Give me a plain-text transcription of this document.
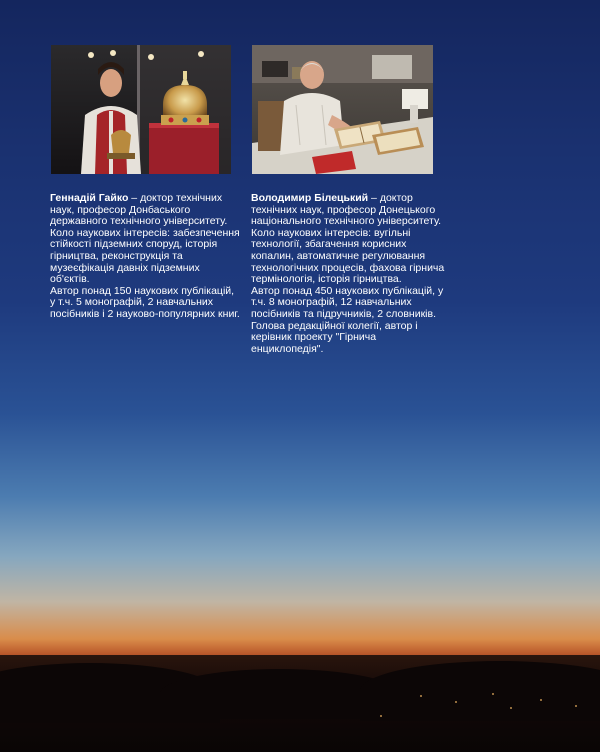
Геннадій Гайко – доктор технічних наук, професор Донбаського державного технічного університету.

Коло наукових інтересів: забезпечення стійкості підземних споруд, історія гірництва, реконструкція та музеєфікація давніх підземних об'єктів.

Автор понад 150 наукових публікацій, у т.ч. 5 монографій, 2 навчальних посібників і 2 науково-популярних книг.

Володимир Білецький – доктор технічних наук, професор Донецького національного технічного університету.

Коло наукових інтересів: вугільні технології, збагачення корисних копалин, автоматичне регулювання технологічних процесів, фахова гірнича термінологія, історія гірництва.

Автор понад 450 наукових публікацій, у т.ч. 8 монографій, 12 навчальних посібників та підручників, 2 словників. Голова редакційної колегії, автор і керівник проекту "Гірнича енциклопедія".
